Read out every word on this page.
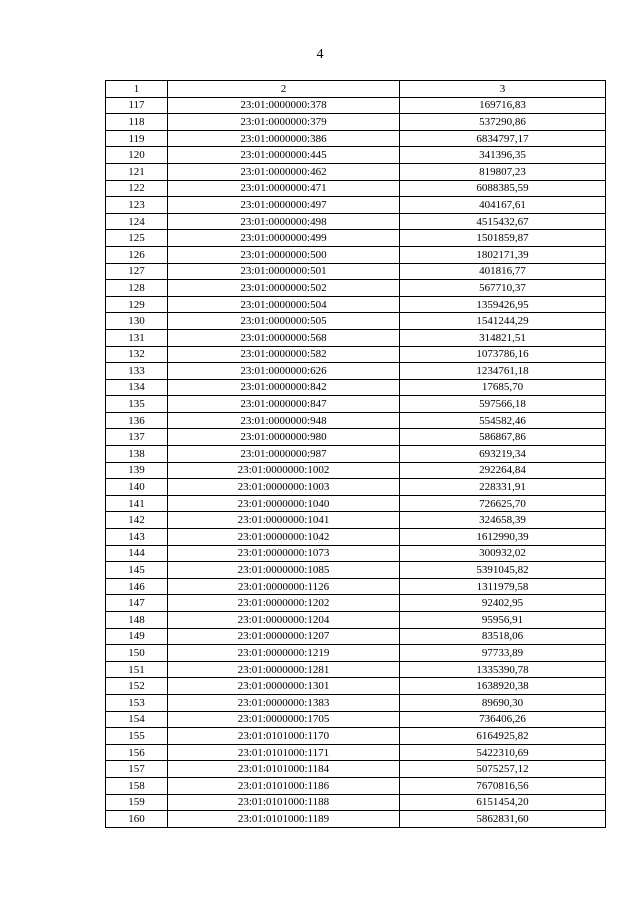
4
1	2	3
117	23:01:0000000:378	169716,83
118	23:01:0000000:379	537290,86
119	23:01:0000000:386	6834797,17
120	23:01:0000000:445	341396,35
121	23:01:0000000:462	819807,23
122	23:01:0000000:471	6088385,59
123	23:01:0000000:497	404167,61
124	23:01:0000000:498	4515432,67
125	23:01:0000000:499	1501859,87
126	23:01:0000000:500	1802171,39
127	23:01:0000000:501	401816,77
128	23:01:0000000:502	567710,37
129	23:01:0000000:504	1359426,95
130	23:01:0000000:505	1541244,29
131	23:01:0000000:568	314821,51
132	23:01:0000000:582	1073786,16
133	23:01:0000000:626	1234761,18
134	23:01:0000000:842	17685,70
135	23:01:0000000:847	597566,18
136	23:01:0000000:948	554582,46
137	23:01:0000000:980	586867,86
138	23:01:0000000:987	693219,34
139	23:01:0000000:1002	292264,84
140	23:01:0000000:1003	228331,91
141	23:01:0000000:1040	726625,70
142	23:01:0000000:1041	324658,39
143	23:01:0000000:1042	1612990,39
144	23:01:0000000:1073	300932,02
145	23:01:0000000:1085	5391045,82
146	23:01:0000000:1126	1311979,58
147	23:01:0000000:1202	92402,95
148	23:01:0000000:1204	95956,91
149	23:01:0000000:1207	83518,06
150	23:01:0000000:1219	97733,89
151	23:01:0000000:1281	1335390,78
152	23:01:0000000:1301	1638920,38
153	23:01:0000000:1383	89690,30
154	23:01:0000000:1705	736406,26
155	23:01:0101000:1170	6164925,82
156	23:01:0101000:1171	5422310,69
157	23:01:0101000:1184	5075257,12
158	23:01:0101000:1186	7670816,56
159	23:01:0101000:1188	6151454,20
160	23:01:0101000:1189	5862831,60
